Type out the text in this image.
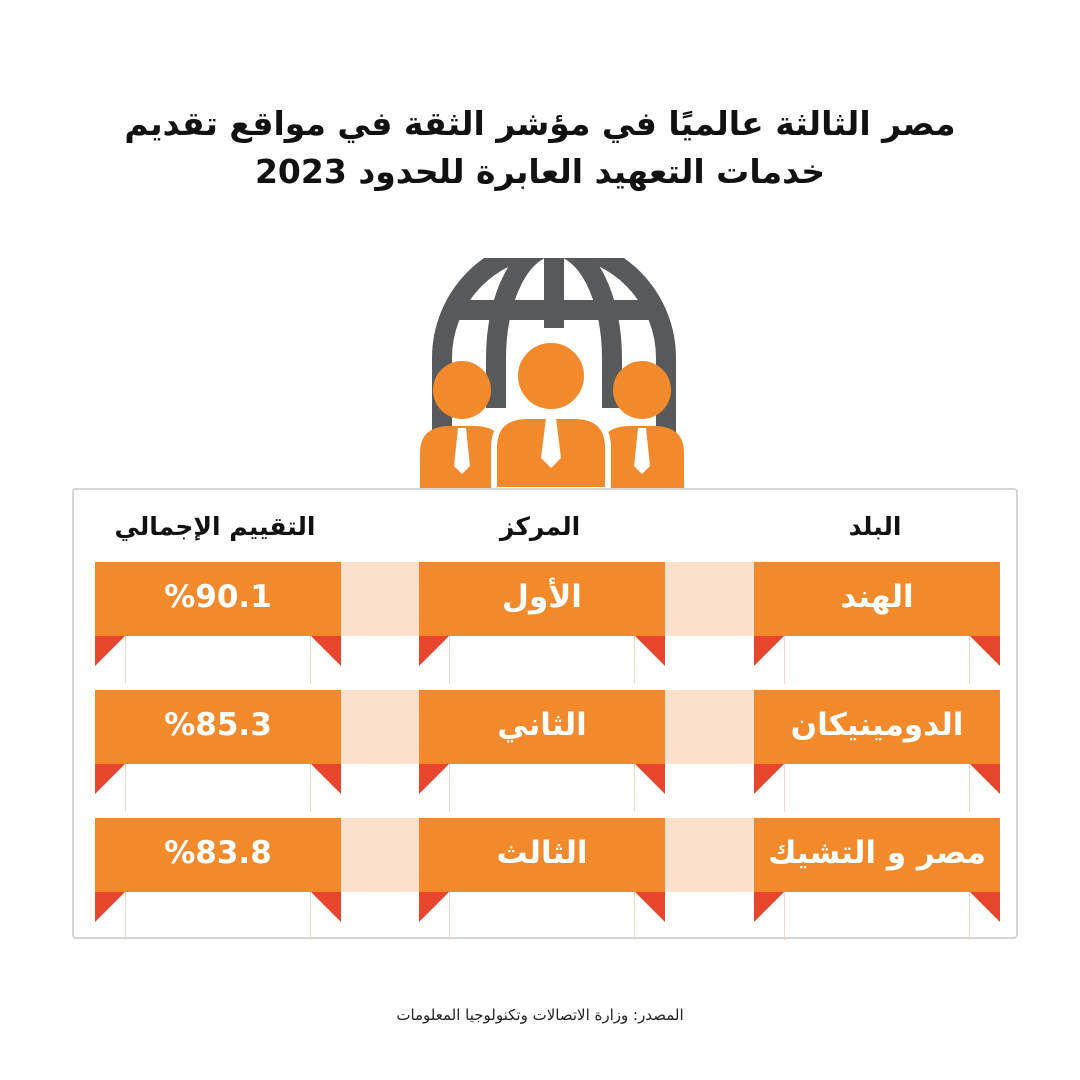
مصر الثالثة عالميًا في مؤشر الثقة في مواقع تقديم
خدمات التعهيد العابرة للحدود 2023
البلد
المركز
التقييم الإجمالي
الهند
الأول
%90.1
الدومينيكان
الثاني
%85.3
مصر و التشيك
الثالث
%83.8
المصدر: وزارة الاتصالات وتكنولوجيا المعلومات
